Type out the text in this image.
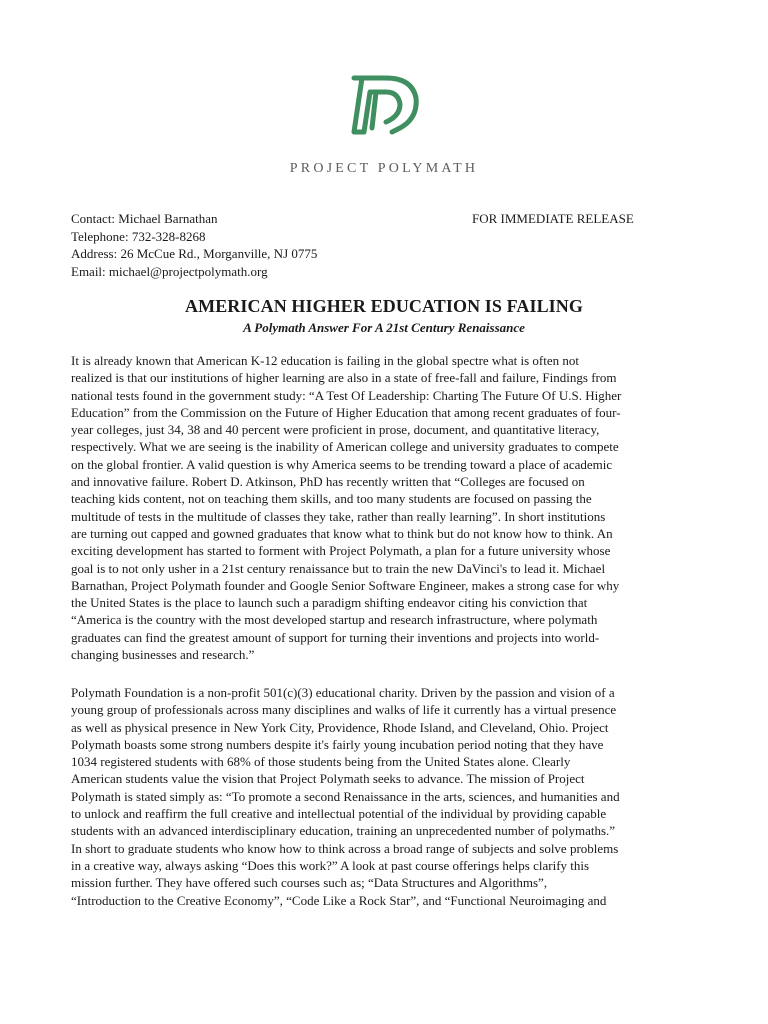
PROJECT POLYMATH
Contact: Michael Barnathan
Telephone: 732-328-8268
Address: 26 McCue Rd., Morganville, NJ 0775
Email: michael@projectpolymath.org
FOR IMMEDIATE RELEASE
AMERICAN HIGHER EDUCATION IS FAILING
A Polymath Answer For A 21st Century Renaissance
It is already known that American K-12 education is failing in the global spectre what is often not
realized is that our institutions of higher learning are also in a state of free-fall and failure, Findings from
national tests found in the government study: “A Test Of Leadership: Charting The Future Of U.S. Higher
Education” from the Commission on the Future of Higher Education that among recent graduates of four-
year colleges, just 34, 38 and 40 percent were proficient in prose, document, and quantitative literacy,
respectively. What we are seeing is the inability of American college and university graduates to compete
on the global frontier. A valid question is why America seems to be trending toward a place of academic
and innovative failure. Robert D. Atkinson, PhD has recently written that “Colleges are focused on
teaching kids content, not on teaching them skills, and too many students are focused on passing the
multitude of tests in the multitude of classes they take, rather than really learning”. In short institutions
are turning out capped and gowned graduates that know what to think but do not know how to think. An
exciting development has started to forment with Project Polymath, a plan for a future university whose
goal is to not only usher in a 21st century renaissance but to train the new DaVinci's to lead it. Michael
Barnathan, Project Polymath founder and Google Senior Software Engineer, makes a strong case for why
the United States is the place to launch such a paradigm shifting endeavor citing his conviction that
“America is the country with the most developed startup and research infrastructure, where polymath
graduates can find the greatest amount of support for turning their inventions and projects into world-
changing businesses and research.”
Polymath Foundation is a non-profit 501(c)(3) educational charity. Driven by the passion and vision of a
young group of professionals across many disciplines and walks of life it currently has a virtual presence
as well as physical presence in New York City, Providence, Rhode Island, and Cleveland, Ohio. Project
Polymath boasts some strong numbers despite it's fairly young incubation period noting that they have
1034 registered students with 68% of those students being from the United States alone. Clearly
American students value the vision that Project Polymath seeks to advance. The mission of Project
Polymath is stated simply as: “To promote a second Renaissance in the arts, sciences, and humanities and
to unlock and reaffirm the full creative and intellectual potential of the individual by providing capable
students with an advanced interdisciplinary education, training an unprecedented number of polymaths.”
In short to graduate students who know how to think across a broad range of subjects and solve problems
in a creative way, always asking “Does this work?” A look at past course offerings helps clarify this
mission further. They have offered such courses such as; “Data Structures and Algorithms”,
“Introduction to the Creative Economy”, “Code Like a Rock Star”, and “Functional Neuroimaging and
